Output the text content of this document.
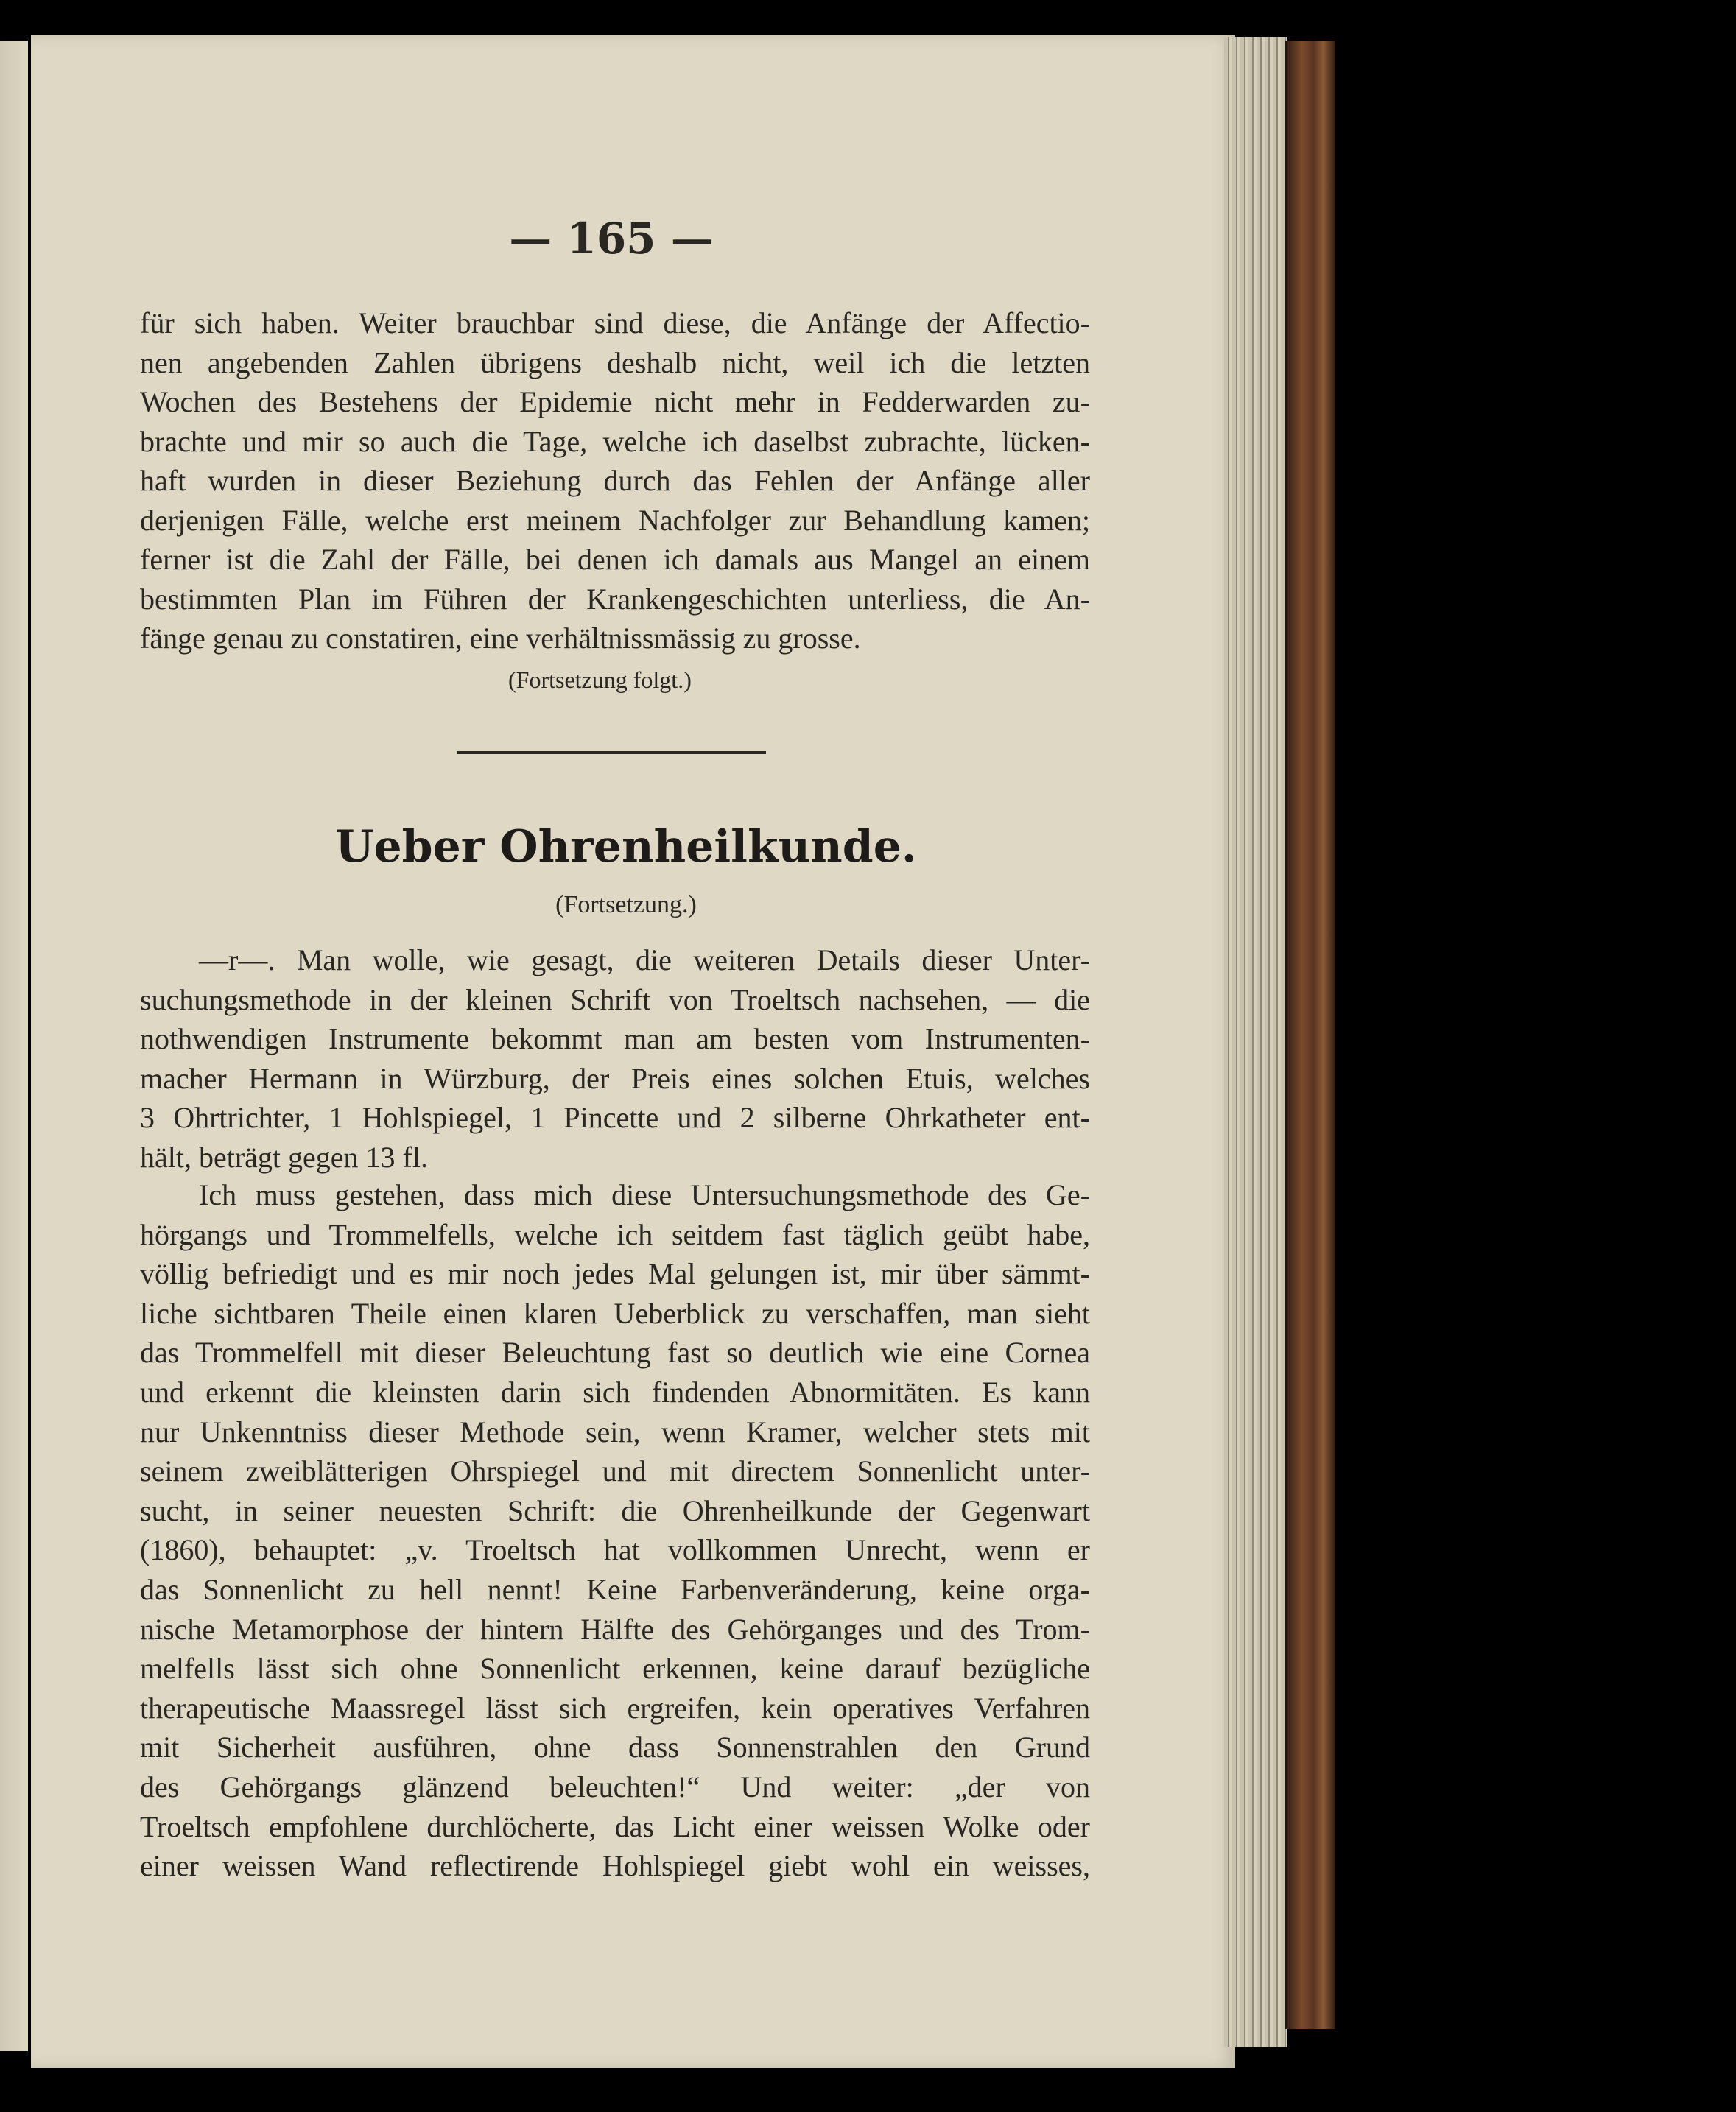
— 165 —
für sich haben. Weiter brauchbar sind diese, die Anfänge der Affectio-
nen angebenden Zahlen übrigens deshalb nicht, weil ich die letzten
Wochen des Bestehens der Epidemie nicht mehr in Fedderwarden zu-
brachte und mir so auch die Tage, welche ich daselbst zubrachte, lücken-
haft wurden in dieser Beziehung durch das Fehlen der Anfänge aller
derjenigen Fälle, welche erst meinem Nachfolger zur Behandlung kamen;
ferner ist die Zahl der Fälle, bei denen ich damals aus Mangel an einem
bestimmten Plan im Führen der Krankengeschichten unterliess, die An-
fänge genau zu constatiren, eine verhältnissmässig zu grosse.
(Fortsetzung folgt.)
Ueber Ohrenheilkunde.
(Fortsetzung.)
—r—. Man wolle, wie gesagt, die weiteren Details dieser Unter-
suchungsmethode in der kleinen Schrift von Troeltsch nachsehen, — die
nothwendigen Instrumente bekommt man am besten vom Instrumenten-
macher Hermann in Würzburg, der Preis eines solchen Etuis, welches
3 Ohrtrichter, 1 Hohlspiegel, 1 Pincette und 2 silberne Ohrkatheter ent-
hält, beträgt gegen 13 fl.
Ich muss gestehen, dass mich diese Untersuchungsmethode des Ge-
hörgangs und Trommelfells, welche ich seitdem fast täglich geübt habe,
völlig befriedigt und es mir noch jedes Mal gelungen ist, mir über sämmt-
liche sichtbaren Theile einen klaren Ueberblick zu verschaffen, man sieht
das Trommelfell mit dieser Beleuchtung fast so deutlich wie eine Cornea
und erkennt die kleinsten darin sich findenden Abnormitäten. Es kann
nur Unkenntniss dieser Methode sein, wenn Kramer, welcher stets mit
seinem zweiblätterigen Ohrspiegel und mit directem Sonnenlicht unter-
sucht, in seiner neuesten Schrift: die Ohrenheilkunde der Gegenwart
(1860), behauptet: „v. Troeltsch hat vollkommen Unrecht, wenn er
das Sonnenlicht zu hell nennt! Keine Farbenveränderung, keine orga-
nische Metamorphose der hintern Hälfte des Gehörganges und des Trom-
melfells lässt sich ohne Sonnenlicht erkennen, keine darauf bezügliche
therapeutische Maassregel lässt sich ergreifen, kein operatives Verfahren
mit Sicherheit ausführen, ohne dass Sonnenstrahlen den Grund
des Gehörgangs glänzend beleuchten!“ Und weiter: „der von
Troeltsch empfohlene durchlöcherte, das Licht einer weissen Wolke oder
einer weissen Wand reflectirende Hohlspiegel giebt wohl ein weisses,
